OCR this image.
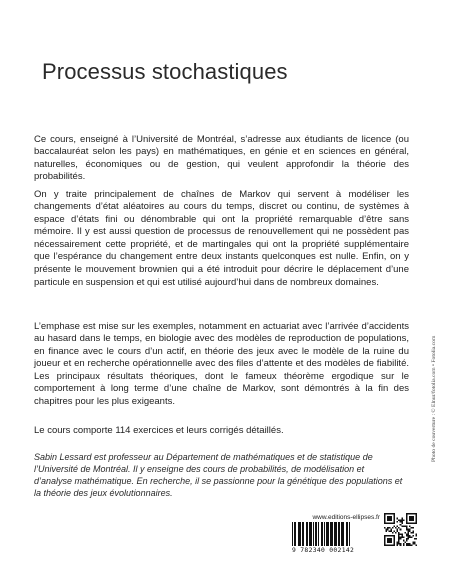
Processus stochastiques

Ce cours, enseigné à l’Université de Montréal, s’adresse aux étudiants de licence (ou baccalauréat selon les pays) en mathématiques, en génie et en sciences en général, naturelles, économiques ou de gestion, qui veulent approfondir la théorie des probabilités.

On y traite principalement de chaînes de Markov qui servent à modéliser les changements d’état aléatoires au cours du temps, discret ou continu, de systèmes à espace d’états fini ou dénombrable qui ont la propriété remarquable d’être sans mémoire. Il y est aussi question de processus de renouvellement qui ne possèdent pas nécessairement cette propriété, et de martingales qui ont la propriété supplémentaire que l’espérance du changement entre deux instants quelconques est nulle. Enfin, on y présente le mouvement brownien qui a été introduit pour décrire le déplacement d’une particule en suspension et qui est utilisé aujourd’hui dans de nombreux domaines.

L’emphase est mise sur les exemples, notamment en actuariat avec l’arrivée d’accidents au hasard dans le temps, en biologie avec des modèles de reproduction de populations, en finance avec le cours d’un actif, en théorie des jeux avec le modèle de la ruine du joueur et en recherche opérationnelle avec des files d’attente et des modèles de fiabilité. Les principaux résultats théoriques, dont le fameux théorème ergodique sur le comportement à long terme d’une chaîne de Markov, sont démontrés à la fin des chapitres pour les plus exigeants.

Le cours comporte 114 exercices et leurs corrigés détaillés.

Sabin Lessard est professeur au Département de mathématiques et de statistique de l’Université de Montréal. Il y enseigne des cours de probabilités, de modélisation et d’analyse mathématique. En recherche, il se passionne pour la génétique des populations et la théorie des jeux évolutionnaires.

Photo de couverture : © Elnur/fotolia.com • Fotolia.com
www.editions-ellipses.fr
9 782340 002142
